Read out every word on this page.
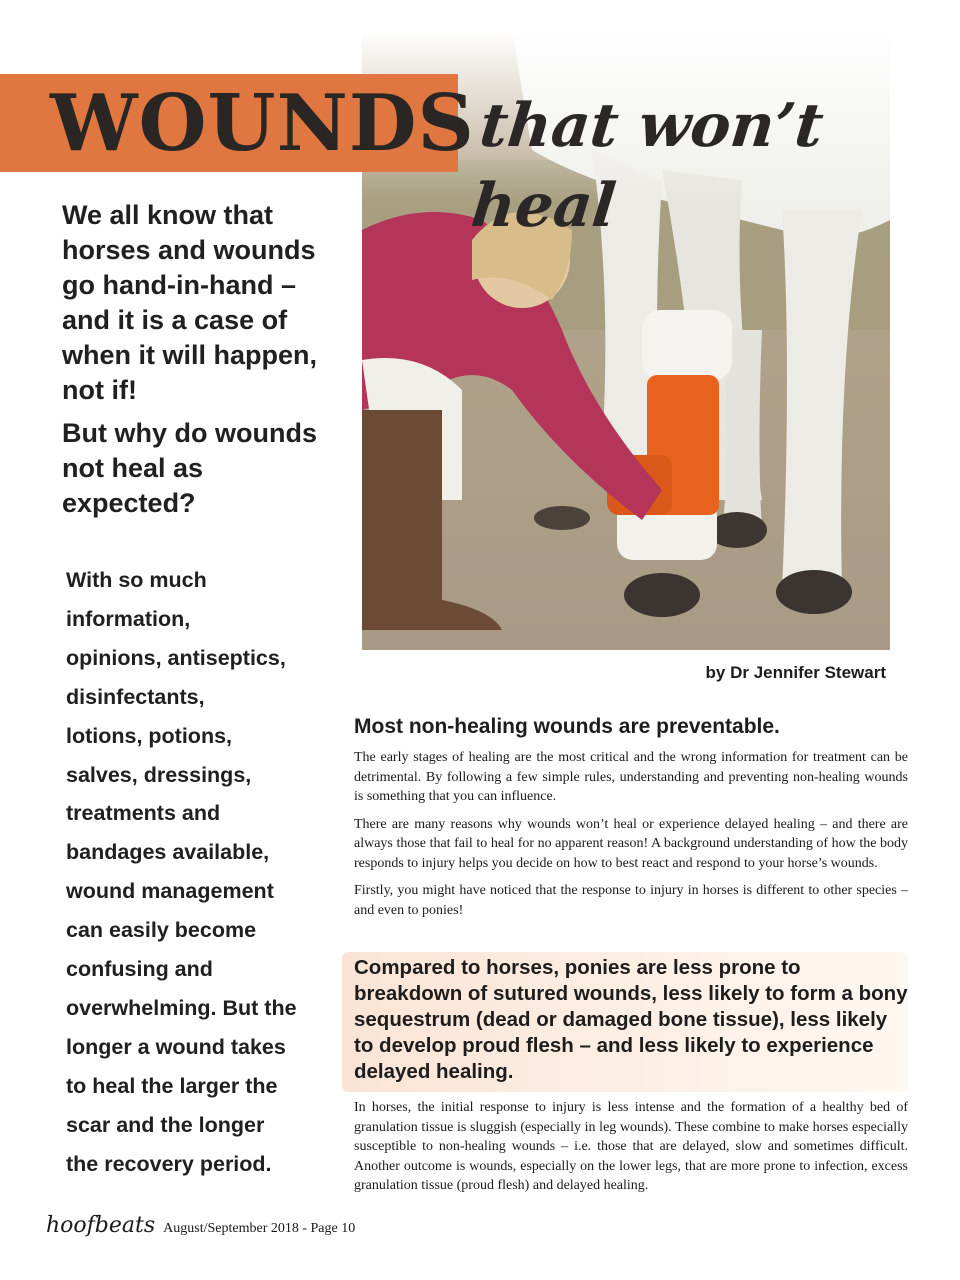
WOUNDS that won’t heal

We all know that horses and wounds go hand-in-hand – and it is a case of when it will happen, not if!

But why do wounds not heal as expected?

With so much
information,
opinions, antiseptics,
disinfectants,
lotions, potions,
salves, dressings,
treatments and
bandages available,
wound management
can easily become
confusing and
overwhelming. But the
longer a wound takes
to heal the larger the
scar and the longer
the recovery period.
by Dr Jennifer Stewart
Most non-healing wounds are preventable.

The early stages of healing are the most critical and the wrong information for treatment can be detrimental. By following a few simple rules, understanding and preventing non-healing wounds is something that you can influence.

There are many reasons why wounds won’t heal or experience delayed healing – and there are always those that fail to heal for no apparent reason! A background understanding of how the body responds to injury helps you decide on how to best react and respond to your horse’s wounds.

Firstly, you might have noticed that the response to injury in horses is different to other species – and even to ponies!

Compared to horses, ponies are less prone to
breakdown of sutured wounds, less likely to form a bony
sequestrum (dead or damaged bone tissue), less likely
to develop proud flesh – and less likely to experience
delayed healing.

In horses, the initial response to injury is less intense and the formation of a healthy bed of granulation tissue is sluggish (especially in leg wounds). These combine to make horses especially susceptible to non-healing wounds – i.e. those that are delayed, slow and sometimes difficult. Another outcome is wounds, especially on the lower legs, that are more prone to infection, excess granulation tissue (proud flesh) and delayed healing.

hoofbeats August/September 2018 - Page 10
